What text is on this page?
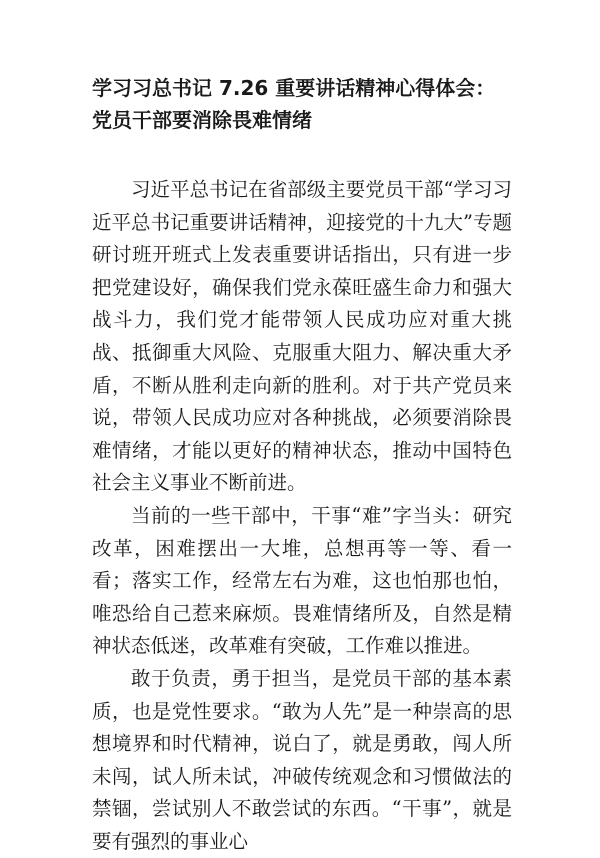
学习习总书记 7.26 重要讲话精神心得体会：党员干部要消除畏难情绪

习近平总书记在省部级主要党员干部“学习习近平总书记重要讲话精神，迎接党的十九大”专题研讨班开班式上发表重要讲话指出，只有进一步把党建设好，确保我们党永葆旺盛生命力和强大战斗力，我们党才能带领人民成功应对重大挑战、抵御重大风险、克服重大阻力、解决重大矛盾，不断从胜利走向新的胜利。对于共产党员来说，带领人民成功应对各种挑战，必须要消除畏难情绪，才能以更好的精神状态，推动中国特色社会主义事业不断前进。

当前的一些干部中，干事“难”字当头：研究改革，困难摆出一大堆，总想再等一等、看一看；落实工作，经常左右为难，这也怕那也怕，唯恐给自己惹来麻烦。畏难情绪所及，自然是精神状态低迷，改革难有突破，工作难以推进。

敢于负责，勇于担当，是党员干部的基本素质，也是党性要求。“敢为人先”是一种崇高的思想境界和时代精神，说白了，就是勇敢，闯人所未闯，试人所未试，冲破传统观念和习惯做法的禁锢，尝试别人不敢尝试的东西。“干事”，就是要有强烈的事业心
